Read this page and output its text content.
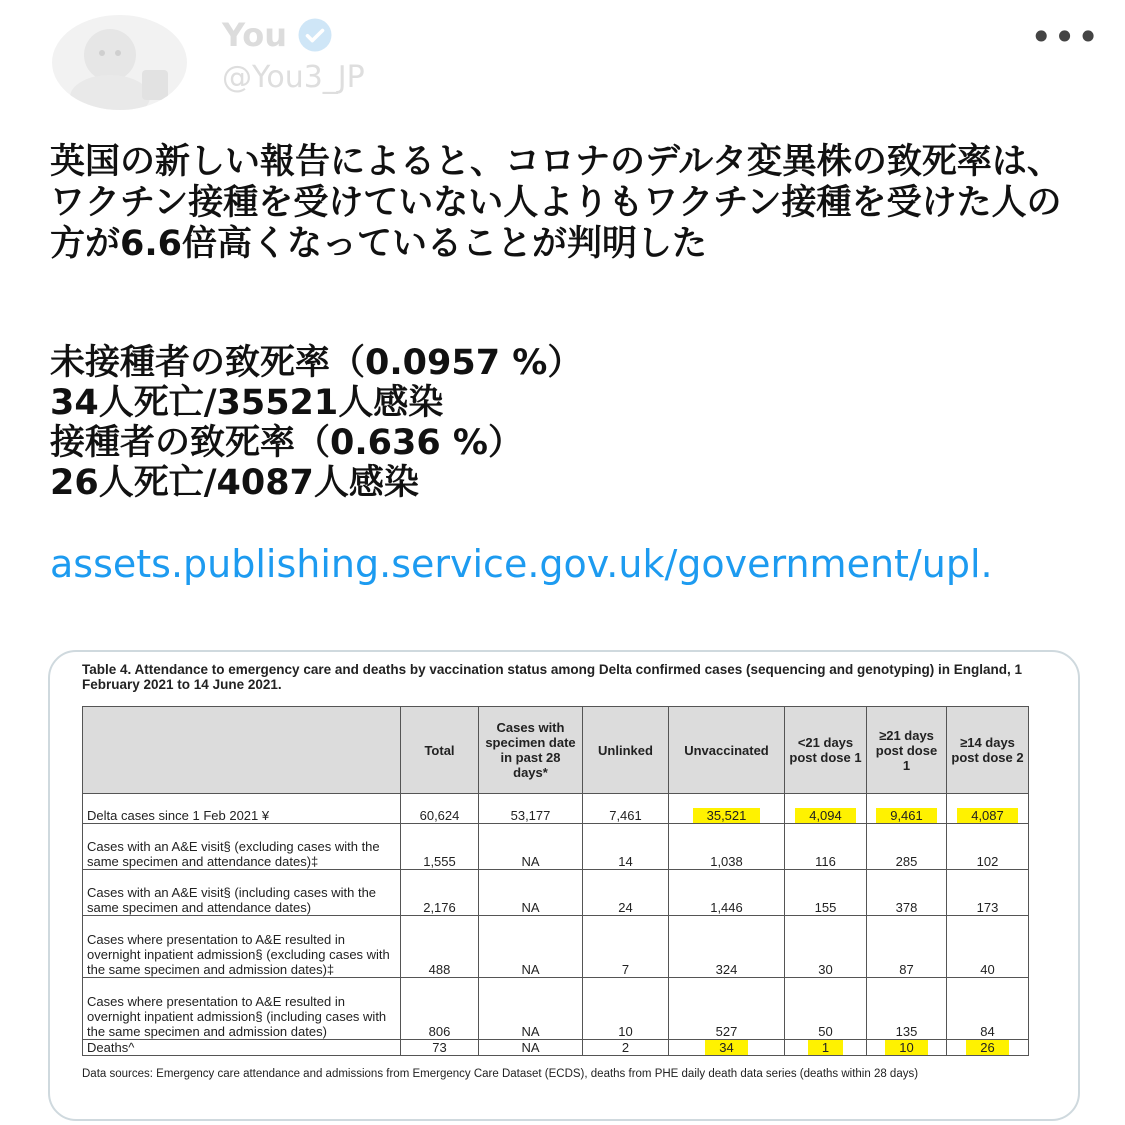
You
@You3_JP
•••
英国の新しい報告によると、コロナのデルタ変異株の致死率は、ワクチン接種を受けていない人よりもワクチン接種を受けた人の方が6.6倍高くなっていることが判明した
未接種者の致死率（0.0957 %）
34人死亡/35521人感染
接種者の致死率（0.636 %）
26人死亡/4087人感染
assets.publishing.service.gov.uk/government/upl.
Table 4. Attendance to emergency care and deaths by vaccination status among Delta confirmed cases (sequencing and genotyping) in England, 1 February 2021 to 14 June 2021.
	Total	Cases with specimen date in past 28 days*	Unlinked	Unvaccinated	<21 days post dose 1	≥21 days post dose 1	≥14 days post dose 2
Delta cases since 1 Feb 2021 ¥	60,624	53,177	7,461	35,521	4,094	9,461	4,087
Cases with an A&E visit§ (excluding cases with the same specimen and attendance dates)‡	1,555	NA	14	1,038	116	285	102
Cases with an A&E visit§ (including cases with the same specimen and attendance dates)	2,176	NA	24	1,446	155	378	173
Cases where presentation to A&E resulted in overnight inpatient admission§ (excluding cases with the same specimen and admission dates)‡	488	NA	7	324	30	87	40
Cases where presentation to A&E resulted in overnight inpatient admission§ (including cases with the same specimen and admission dates)	806	NA	10	527	50	135	84
Deaths^	73	NA	2	34	1	10	26
Data sources: Emergency care attendance and admissions from Emergency Care Dataset (ECDS), deaths from PHE daily death data series (deaths within 28 days)
